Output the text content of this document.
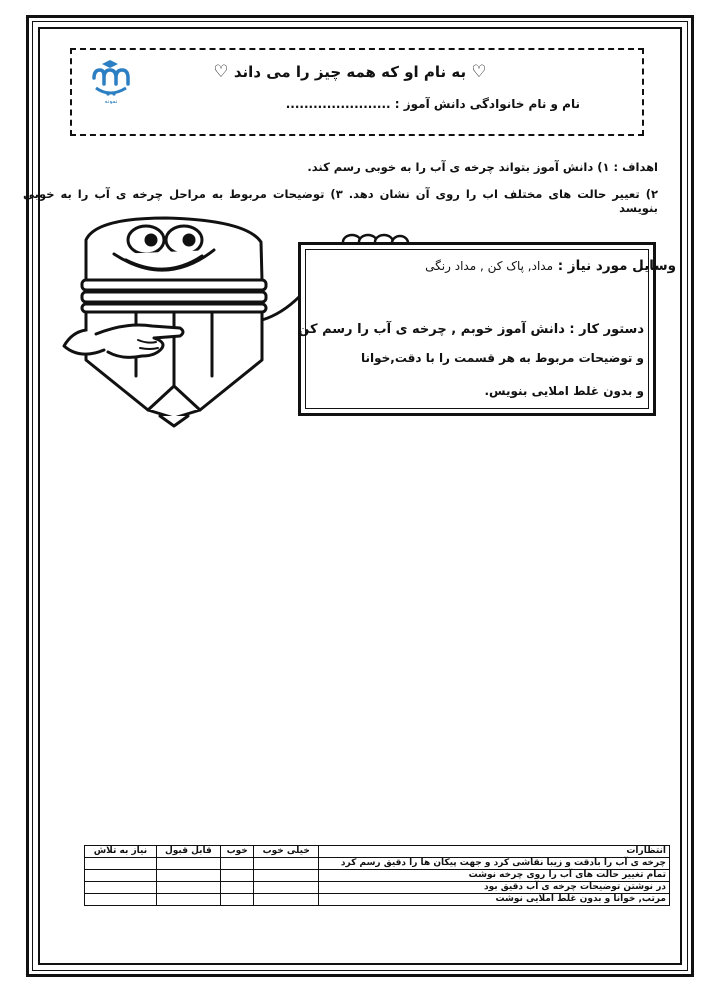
نمونه
♡ به نام او که همه چیز را می داند ♡
نام و نام خانوادگی دانش آموز : .......................
اهداف : ۱) دانش آموز بتواند چرخه ی آب را به خوبی رسم کند.
۲) تعییر حالت های مختلف اب را روی آن نشان دهد. ۳) توضیحات مربوط به مراحل چرخه ی آب را به خوبی بنویسد
وسایل مورد نیاز : مداد, پاک کن , مداد رنگی
دستور کار : دانش آموز خوبم , چرخه ی آب را رسم کن
و توضیحات مربوط به هر قسمت را با دقت,خوانا
و بدون غلط املایی بنویس.
انتظارات	خیلی خوب	خوب	قابل قبول	نیاز به تلاش
چرخه ی آب را بادقت و زیبا نقاشی کرد و جهت پیکان ها را دقیق رسم کرد				
تمام تغییر حالت های آب را روی چرخه نوشت				
در نوشتن توضیحات چرخه ی آب دقیق بود				
مرتب, خوانا و بدون غلط املایی نوشت				
